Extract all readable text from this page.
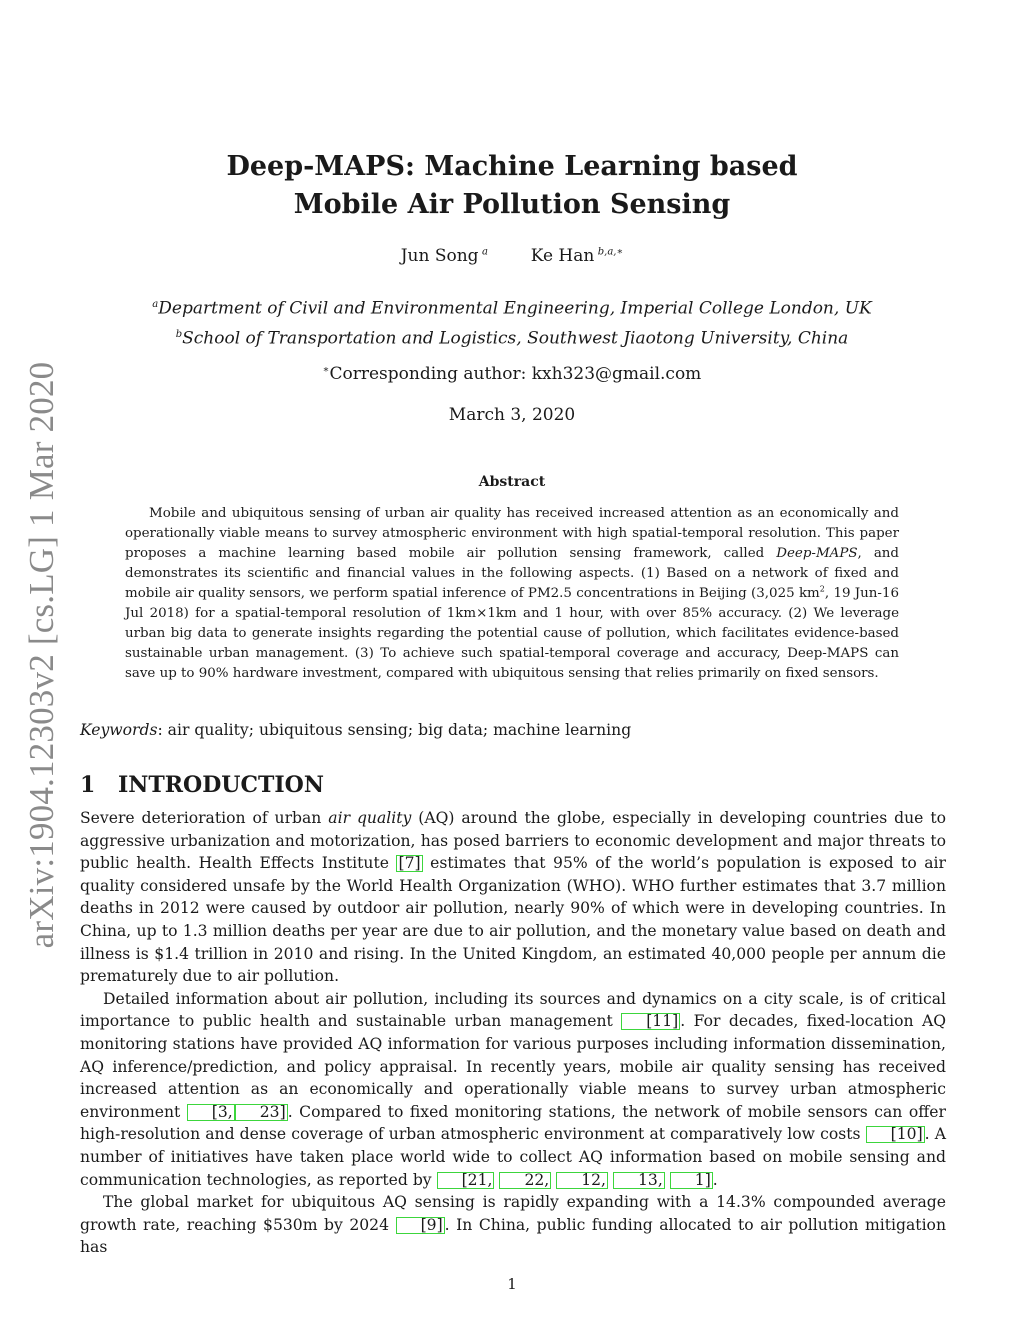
arXiv:1904.12303v2 [cs.LG] 1 Mar 2020
Deep-MAPS: Machine Learning based
Mobile Air Pollution Sensing
Jun Song  $^a$	Ke Han  $^{b,a,∗}$
$^a$Department of Civil and Environmental Engineering, Imperial College London, UK
$^b$School of Transportation and Logistics, Southwest Jiaotong University, China
∗Corresponding author: kxh323@gmail.com
March 3, 2020
Abstract

Mobile and ubiquitous sensing of urban air quality has received increased attention as an economically and operationally viable means to survey atmospheric environment with high spatial-temporal resolution. This paper proposes a machine learning based mobile air pollution sensing framework, called Deep-MAPS, and demonstrates its scientific and financial values in the following aspects. (1) Based on a network of fixed and mobile air quality sensors, we perform spatial inference of PM2.5 concentrations in Beijing (3,025 $km^2$, 19 Jun-16 Jul 2018) for a spatial-temporal resolution of 1km×1km and 1 hour, with over 85% accuracy. (2) We leverage urban big data to generate insights regarding the potential cause of pollution, which facilitates evidence-based sustainable urban management. (3) To achieve such spatial-temporal coverage and accuracy, Deep-MAPS can save up to 90% hardware investment, compared with ubiquitous sensing that relies primarily on fixed sensors.

Keywords: air quality; ubiquitous sensing; big data; machine learning
1 INTRODUCTION

Severe deterioration of urban air quality (AQ) around the globe, especially in developing countries due to aggressive urbanization and motorization, has posed barriers to economic development and major threats to public health. Health Effects Institute [7] estimates that 95% of the world’s population is exposed to air quality considered unsafe by the World Health Organization (WHO). WHO further estimates that 3.7 million deaths in 2012 were caused by outdoor air pollution, nearly 90% of which were in developing countries. In China, up to 1.3 million deaths per year are due to air pollution, and the monetary value based on death and illness is $1.4 trillion in 2010 and rising. In the United Kingdom, an estimated 40,000 people per annum die prematurely due to air pollution.

Detailed information about air pollution, including its sources and dynamics on a city scale, is of critical importance to public health and sustainable urban management [11] . For decades, fixed-location AQ monitoring stations have provided AQ information for various purposes including information dissemination, AQ inference/prediction, and policy appraisal. In recently years, mobile air quality sensing has received increased attention as an economically and operationally viable means to survey urban atmospheric environment [3, 23] . Compared to fixed monitoring stations, the network of mobile sensors can offer high-resolution and dense coverage of urban atmospheric environment at comparatively low costs [10] . A number of initiatives have taken place world wide to collect AQ information based on mobile sensing and communication technologies, as reported by [21, 22, 12, 13, 1] .

The global market for ubiquitous AQ sensing is rapidly expanding with a 14.3% compounded average growth rate, reaching $530m by 2024 [9] . In China, public funding allocated to air pollution mitigation has

1
